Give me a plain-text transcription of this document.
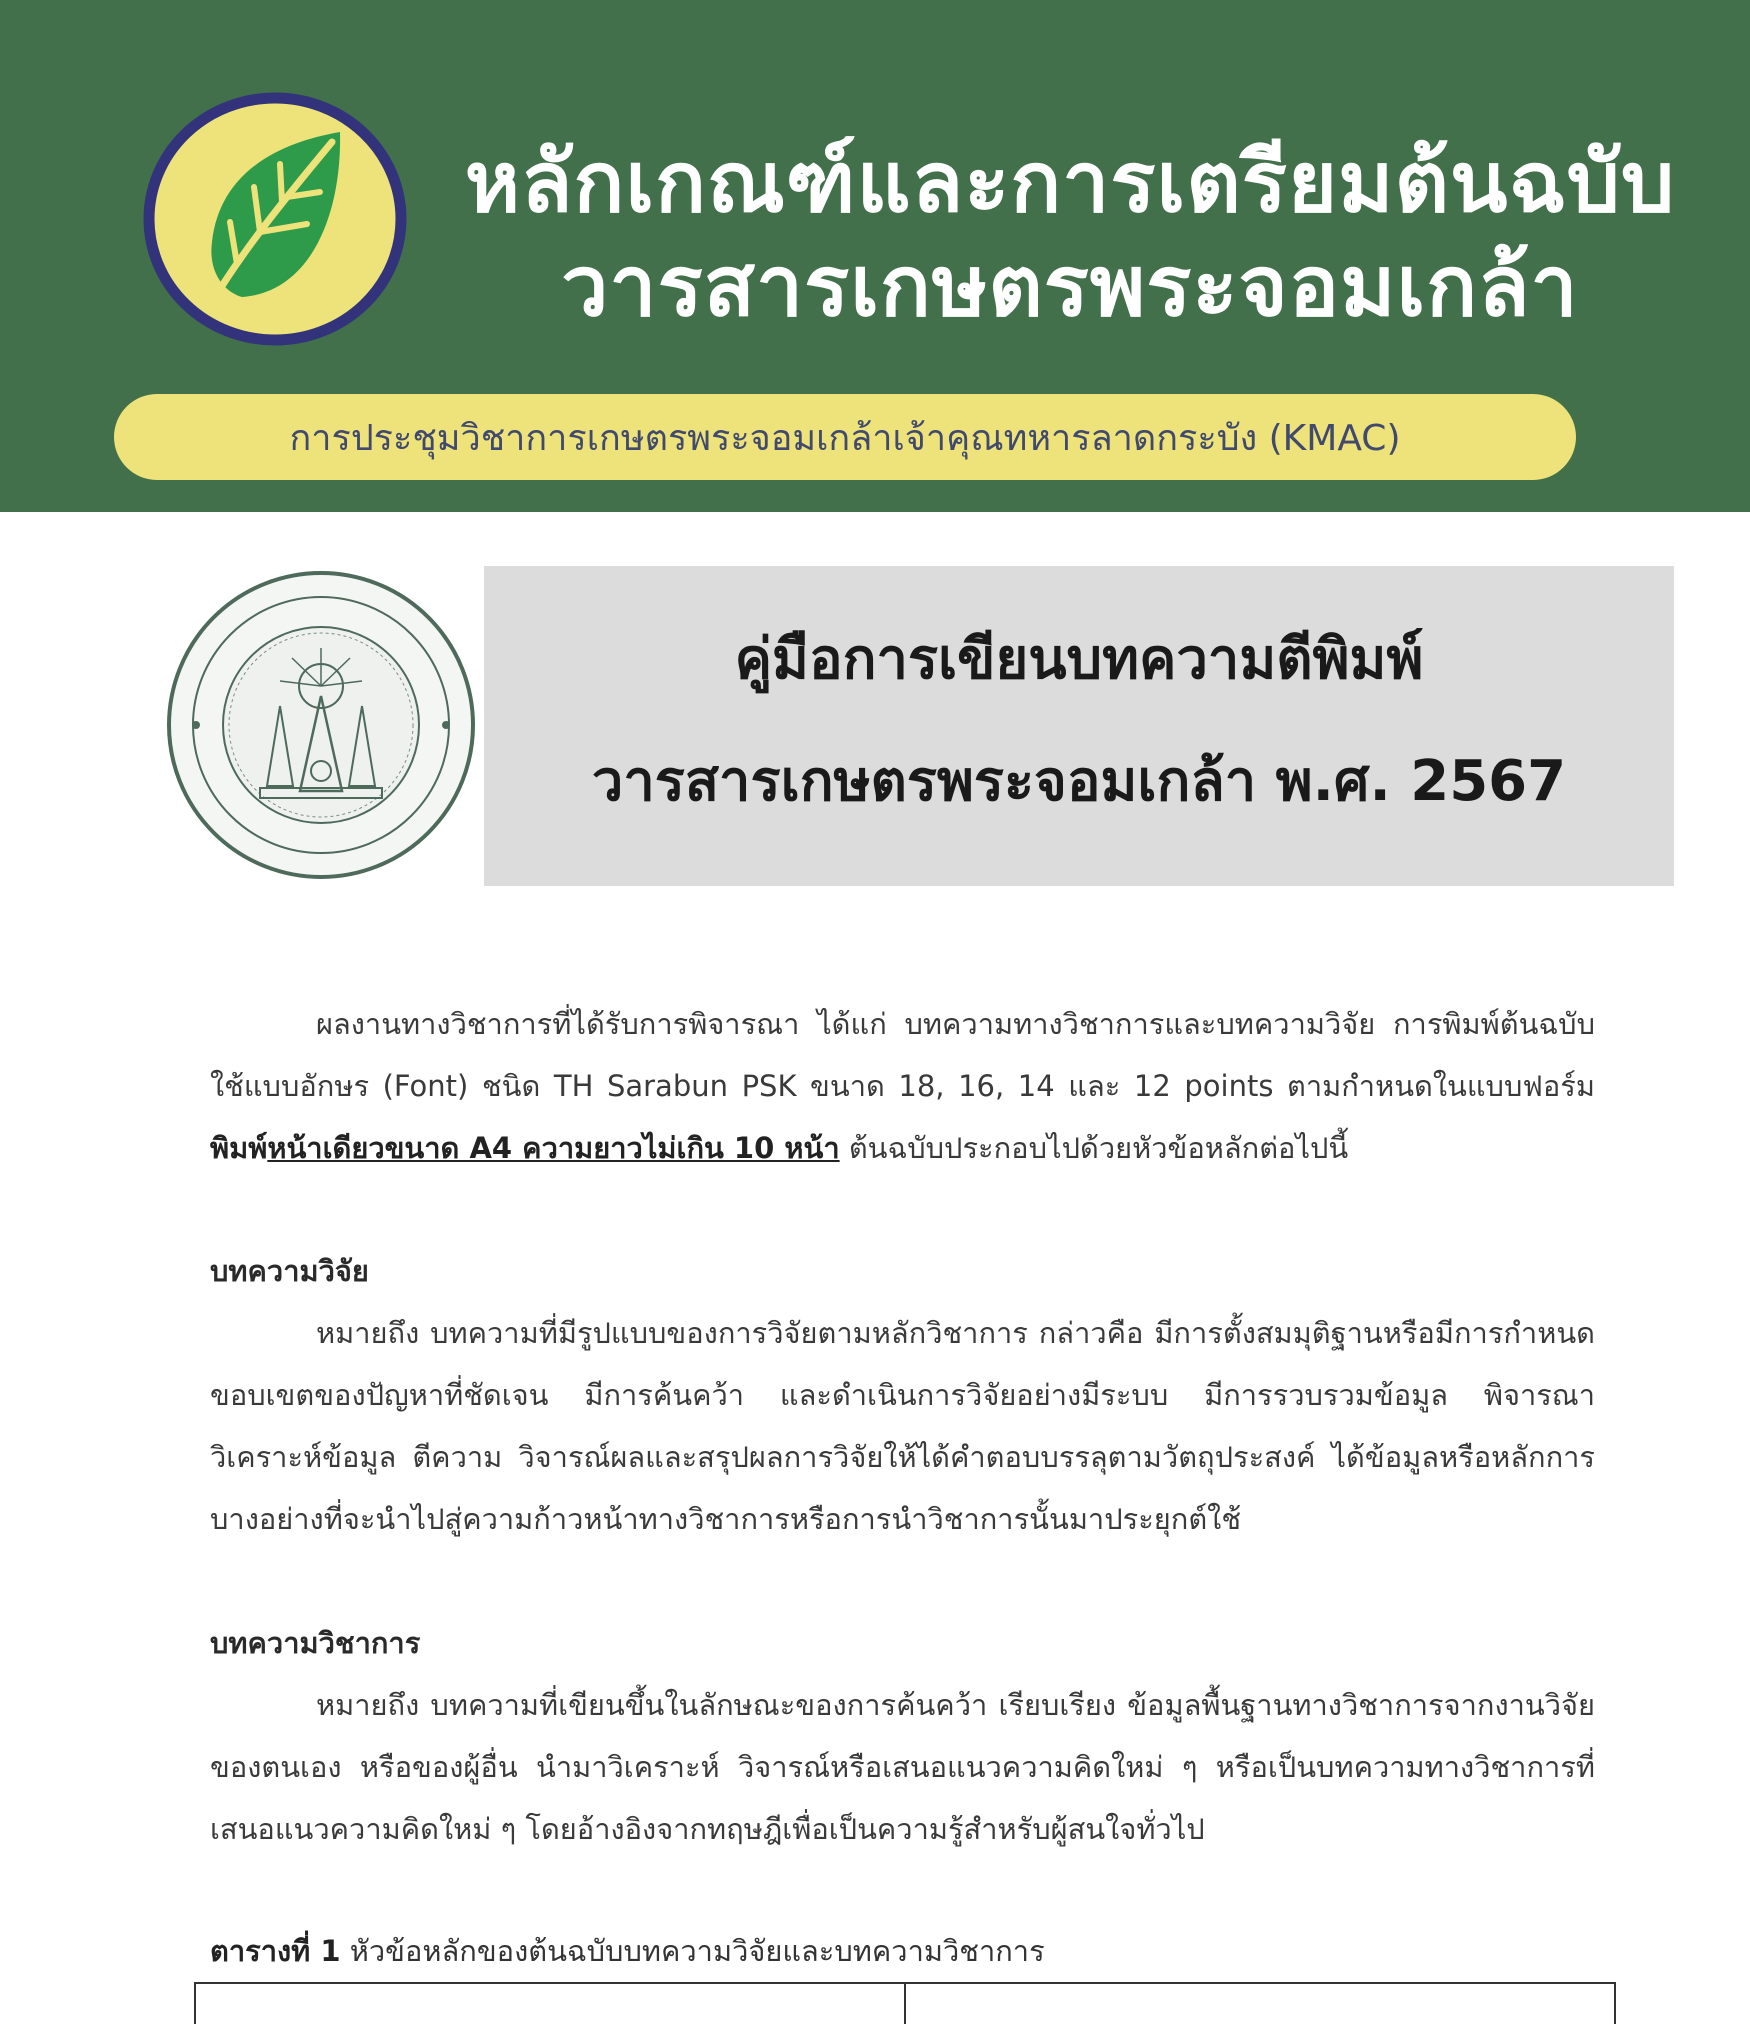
หลักเกณฑ์และการเตรียมต้นฉบับ
วารสารเกษตรพระจอมเกล้า
การประชุมวิชาการเกษตรพระจอมเกล้าเจ้าคุณทหารลาดกระบัง (KMAC)
คู่มือการเขียนบทความตีพิมพ์
วารสารเกษตรพระจอมเกล้า พ.ศ. 2567
ผลงานทางวิชาการที่ได้รับการพิจารณา ได้แก่ บทความทางวิชาการและบทความวิจัย การพิมพ์ต้นฉบับใช้แบบอักษร (Font) ชนิด TH Sarabun PSK ขนาด 18, 16, 14 และ 12 points ตามกำหนดในแบบฟอร์ม พิมพ์หน้าเดียวขนาด A4 ความยาวไม่เกิน 10 หน้า ต้นฉบับประกอบไปด้วยหัวข้อหลักต่อไปนี้
บทความวิจัย
หมายถึง บทความที่มีรูปแบบของการวิจัยตามหลักวิชาการ กล่าวคือ มีการตั้งสมมุติฐานหรือมีการกำหนดขอบเขตของปัญหาที่ชัดเจน มีการค้นคว้า และดำเนินการวิจัยอย่างมีระบบ มีการรวบรวมข้อมูล พิจารณาวิเคราะห์ข้อมูล ตีความ วิจารณ์ผลและสรุปผลการวิจัยให้ได้คำตอบบรรลุตามวัตถุประสงค์ ได้ข้อมูลหรือหลักการบางอย่างที่จะนำไปสู่ความก้าวหน้าทางวิชาการหรือการนำวิชาการนั้นมาประยุกต์ใช้
บทความวิชาการ
หมายถึง บทความที่เขียนขึ้นในลักษณะของการค้นคว้า เรียบเรียง ข้อมูลพื้นฐานทางวิชาการจากงานวิจัยของตนเอง หรือของผู้อื่น นำมาวิเคราะห์ วิจารณ์หรือเสนอแนวความคิดใหม่ ๆ หรือเป็นบทความทางวิชาการที่เสนอแนวความคิดใหม่ ๆ โดยอ้างอิงจากทฤษฎีเพื่อเป็นความรู้สำหรับผู้สนใจทั่วไป
ตารางที่ 1 หัวข้อหลักของต้นฉบับบทความวิจัยและบทความวิชาการ
